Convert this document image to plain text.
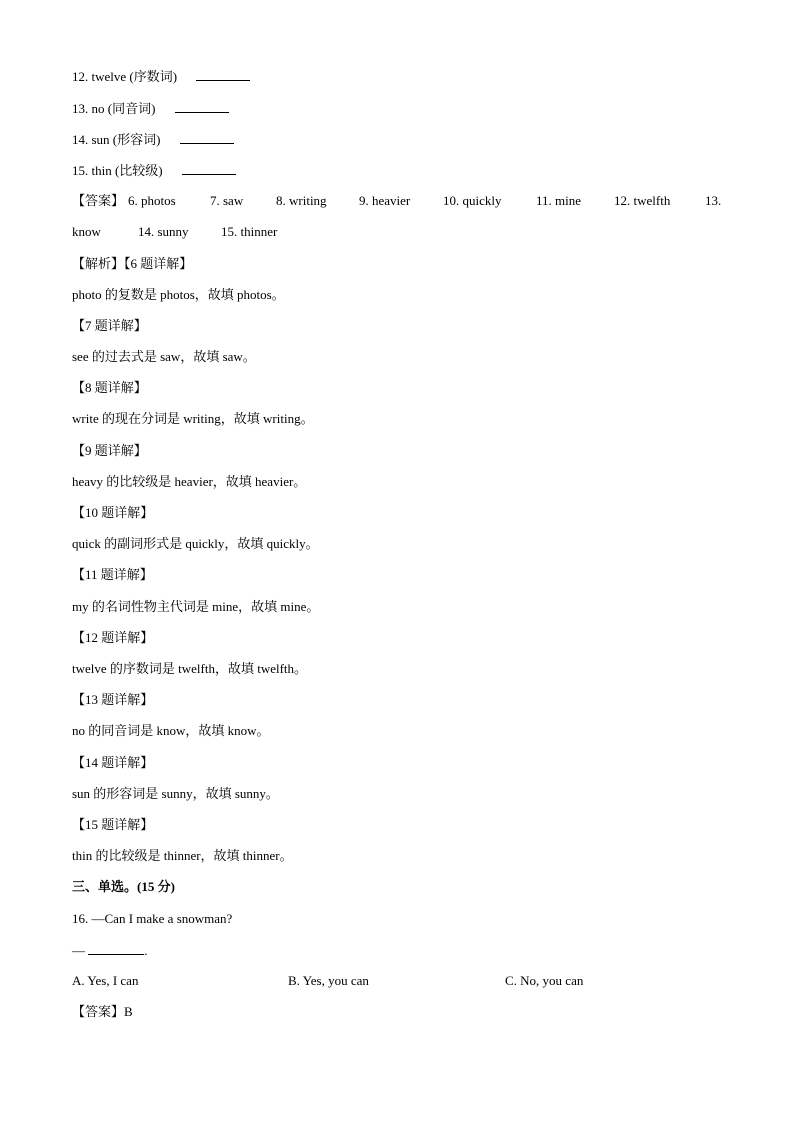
12. twelve (序数词)
13. no (同音词)
14. sun (形容词)
15. thin (比较级)
【答案】 6. photos	7. saw	8. writing 9. heavier	10. quickly	11. mine	12. twelfth	13.
know	14. sunny 15. thinner
【解析】【6 题详解】
photo 的复数是 photos，故填 photos。
【7 题详解】
see 的过去式是 saw，故填 saw。
【8 题详解】
write 的现在分词是 writing，故填 writing。
【9 题详解】
heavy 的比较级是 heavier，故填 heavier。
【10 题详解】
quick 的副词形式是 quickly，故填 quickly。
【11 题详解】
my 的名词性物主代词是 mine，故填 mine。
【12 题详解】
twelve 的序数词是 twelfth，故填 twelfth。
【13 题详解】
no 的同音词是 know，故填 know。
【14 题详解】
sun 的形容词是 sunny，故填 sunny。
【15 题详解】
thin 的比较级是 thinner，故填 thinner。
三、单选。(15 分)
16. —Can I make a snowman?
—	.
A. Yes, I can	B. Yes, you can	C. No, you can
【答案】B
